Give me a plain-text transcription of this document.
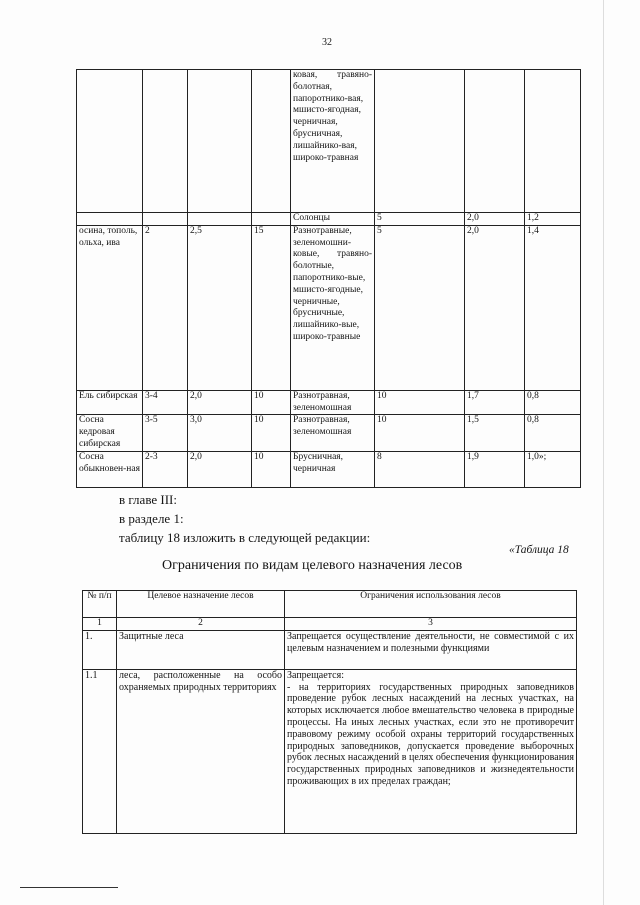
32
				ковая, травяно-болотная, папоротнико-вая, мшисто-ягодная, черничная, брусничная, лишайнико-вая, широко-травная			
				Солонцы	5	2,0	1,2
осина, тополь, ольха, ива	2	2,5	15	Разнотравные, зеленомошни-ковые, травяно-болотные, папоротнико-вые, мшисто-ягодные, черничные, брусничные, лишайнико-вые, широко-травные	5	2,0	1,4
Ель сибирская	3-4	2,0	10	Разнотравная, зеленомошная	10	1,7	0,8
Сосна кедровая сибирская	3-5	3,0	10	Разнотравная, зеленомошная	10	1,5	0,8
Сосна обыкновен-ная	2-3	2,0	10	Брусничная, черничная	8	1,9	1,0»;
в главе III:
в разделе 1:
таблицу 18 изложить в следующей редакции:
«Таблица 18
Ограничения по видам целевого назначения лесов
№ п/п	Целевое назначение лесов	Ограничения использования лесов
1	2	3
1.	Защитные леса	Запрещается осуществление деятельности, не совместимой с их целевым назначением и полезными функциями
1.1	леса, расположенные на особо охраняемых природных территориях	Запрещается:
- на территориях государственных природных заповедников проведение рубок лесных насаждений на лесных участках, на которых исключается любое вмешательство человека в природные процессы. На иных лесных участках, если это не противоречит правовому режиму особой охраны территорий государственных природных заповедников, допускается проведение выборочных рубок лесных насаждений в целях обеспечения функционирования государственных природных заповедников и жизнедеятельности проживающих в их пределах граждан;
